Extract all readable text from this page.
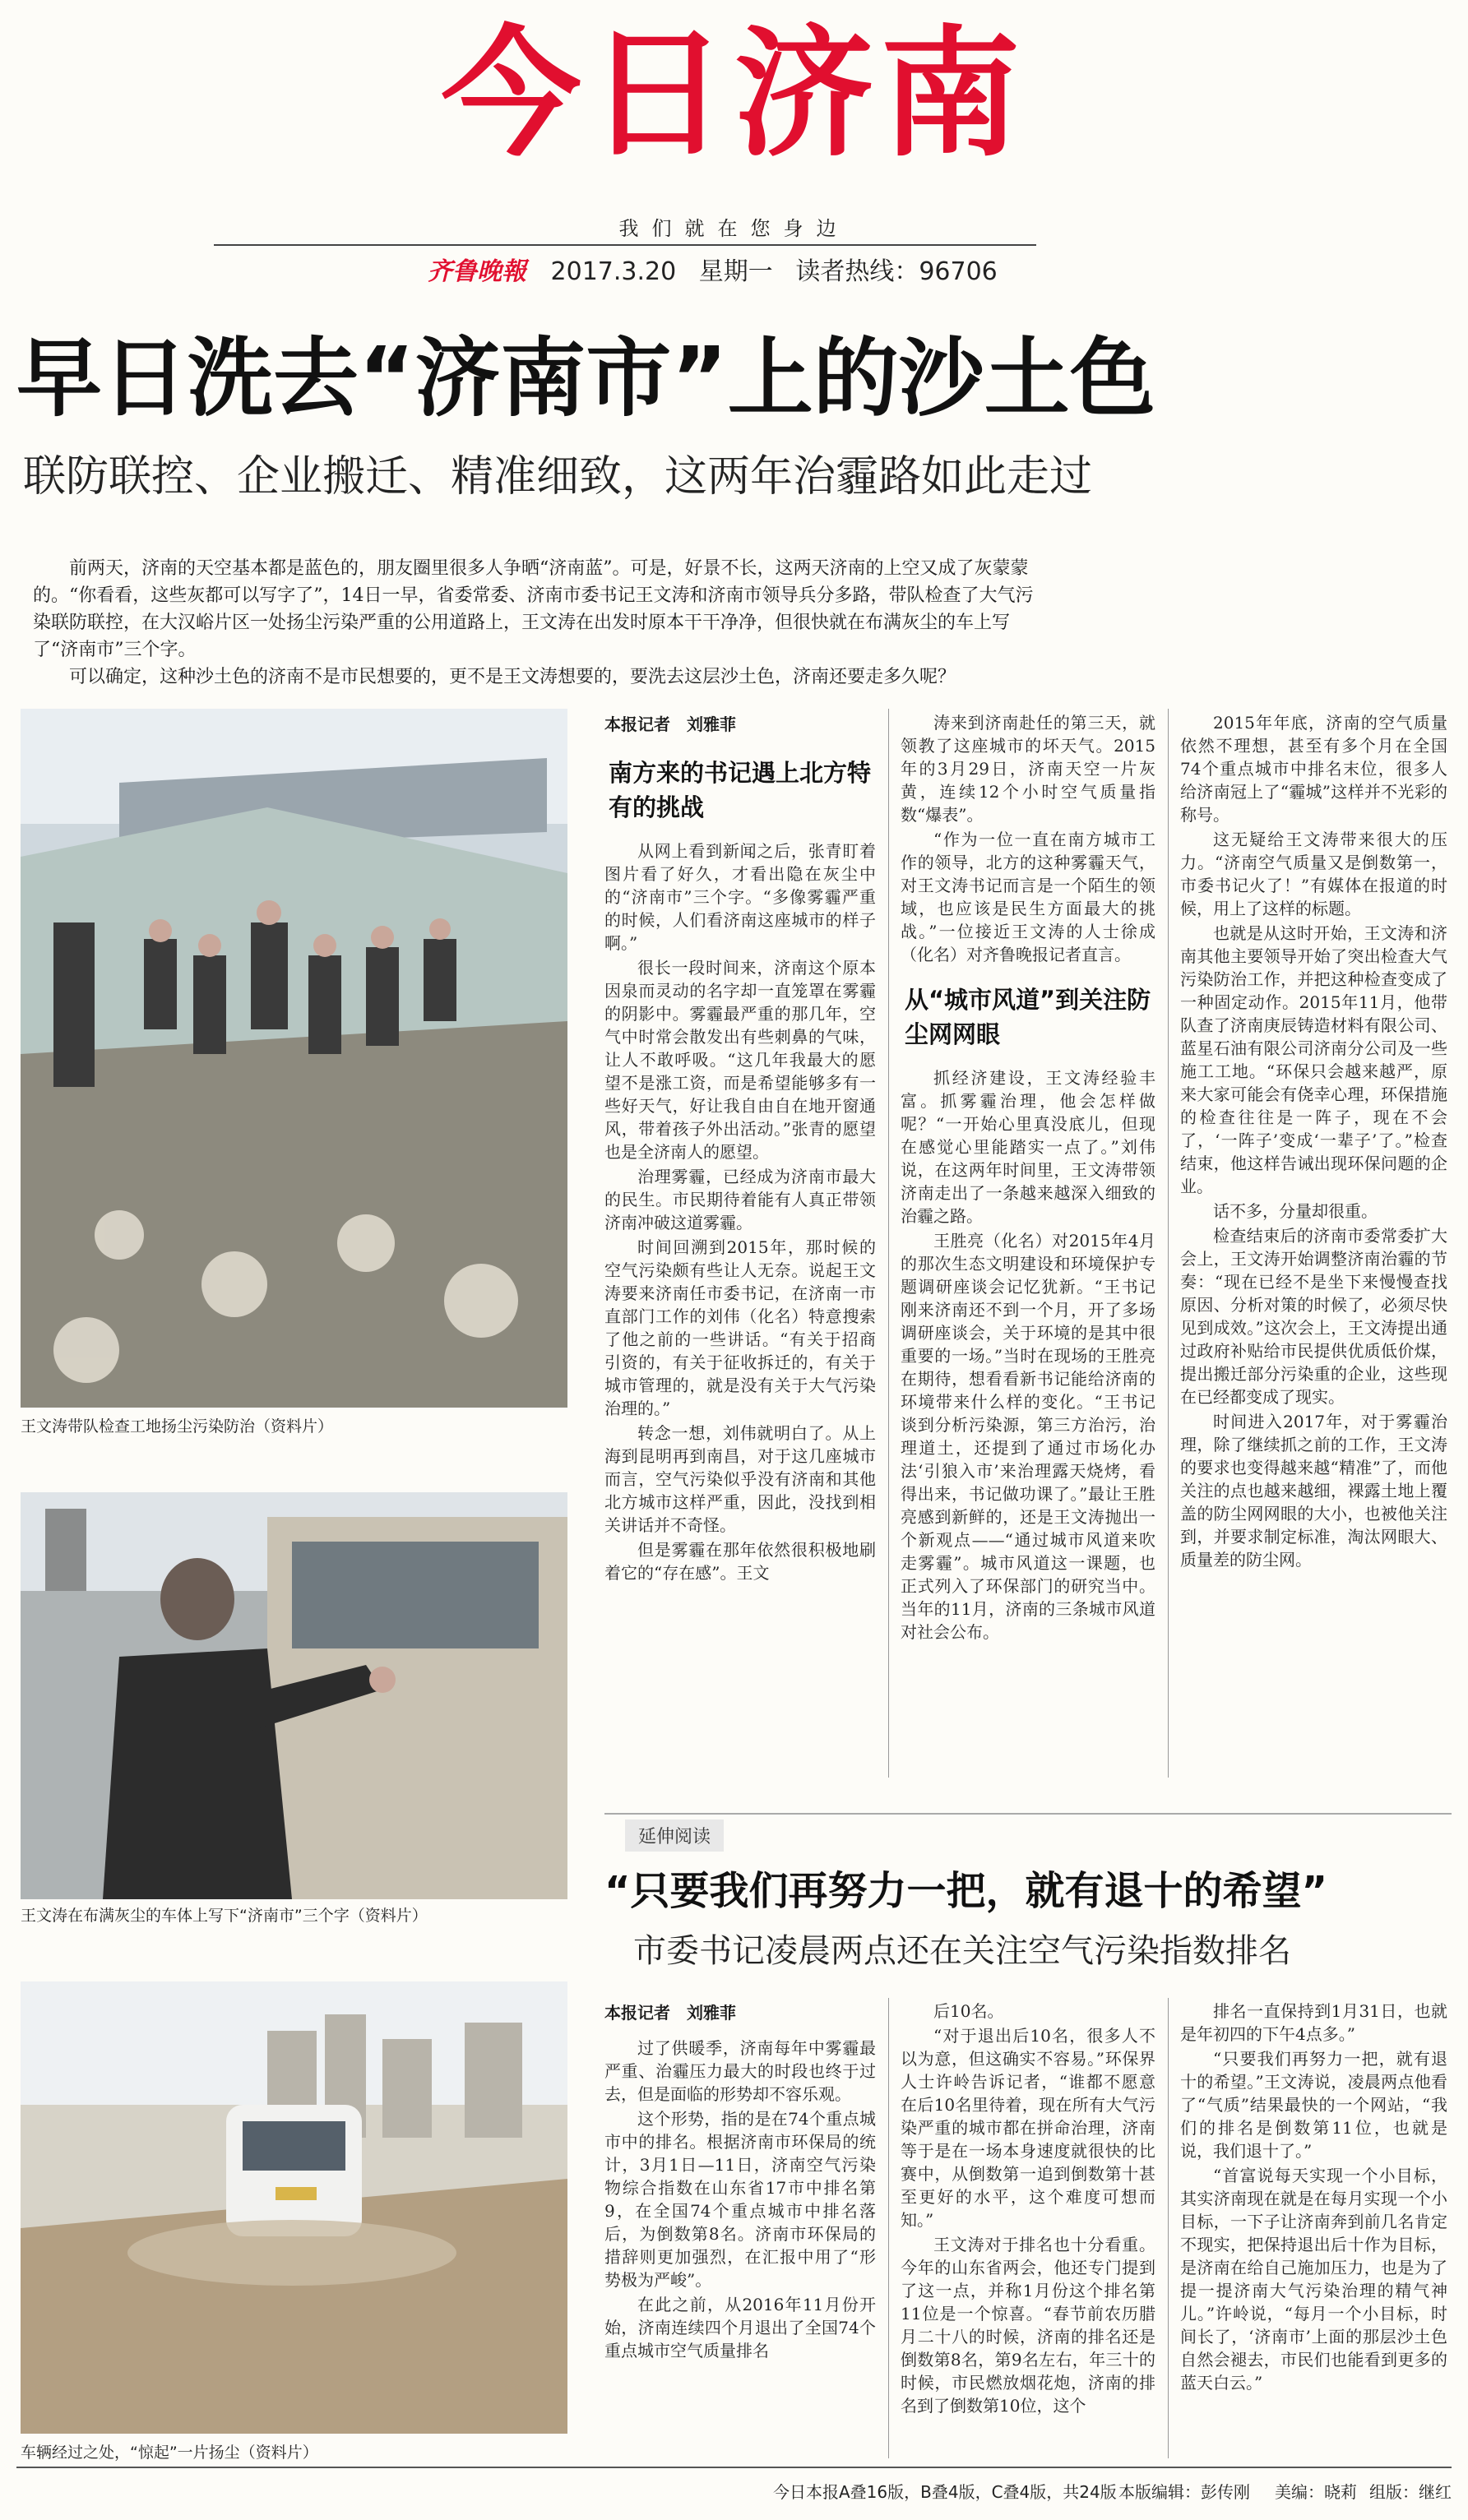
今日济南
我们就在您身边
齐鲁晚報 2017.3.20 星期一 读者热线：96706
早日洗去“济南市”上的沙土色
联防联控、企业搬迁、精准细致，这两年治霾路如此走过

前两天，济南的天空基本都是蓝色的，朋友圈里很多人争晒“济南蓝”。可是，好景不长，这两天济南的上空又成了灰蒙蒙的。“你看看，这些灰都可以写字了”，14日一早，省委常委、济南市委书记王文涛和济南市领导兵分多路，带队检查了大气污染联防联控，在大汉峪片区一处扬尘污染严重的公用道路上，王文涛在出发时原本干干净净，但很快就在布满灰尘的车上写了“济南市”三个字。

可以确定，这种沙土色的济南不是市民想要的，更不是王文涛想要的，要洗去这层沙土色，济南还要走多久呢？

王文涛带队检查工地扬尘污染防治（资料片）
王文涛在布满灰尘的车体上写下“济南市”三个字（资料片）
车辆经过之处，“惊起”一片扬尘（资料片）
本报记者　刘雅菲
南方来的书记遇上北方特有的挑战

从网上看到新闻之后，张青盯着图片看了好久，才看出隐在灰尘中的“济南市”三个字。“多像雾霾严重的时候，人们看济南这座城市的样子啊。”

很长一段时间来，济南这个原本因泉而灵动的名字却一直笼罩在雾霾的阴影中。雾霾最严重的那几年，空气中时常会散发出有些刺鼻的气味，让人不敢呼吸。“这几年我最大的愿望不是涨工资，而是希望能够多有一些好天气，好让我自由自在地开窗通风，带着孩子外出活动。”张青的愿望也是全济南人的愿望。

治理雾霾，已经成为济南市最大的民生。市民期待着能有人真正带领济南冲破这道雾霾。

时间回溯到2015年，那时候的空气污染颇有些让人无奈。说起王文涛要来济南任市委书记，在济南一市直部门工作的刘伟（化名）特意搜索了他之前的一些讲话。“有关于招商引资的，有关于征收拆迁的，有关于城市管理的，就是没有关于大气污染治理的。”

转念一想，刘伟就明白了。从上海到昆明再到南昌，对于这几座城市而言，空气污染似乎没有济南和其他北方城市这样严重，因此，没找到相关讲话并不奇怪。

但是雾霾在那年依然很积极地刷着它的“存在感”。王文

涛来到济南赴任的第三天，就领教了这座城市的坏天气。2015年的3月29日，济南天空一片灰黄，连续12个小时空气质量指数“爆表”。

“作为一位一直在南方城市工作的领导，北方的这种雾霾天气，对王文涛书记而言是一个陌生的领域，也应该是民生方面最大的挑战。”一位接近王文涛的人士徐成（化名）对齐鲁晚报记者直言。

从“城市风道”到关注防尘网网眼

抓经济建设，王文涛经验丰富。抓雾霾治理，他会怎样做呢？“一开始心里真没底儿，但现在感觉心里能踏实一点了。”刘伟说，在这两年时间里，王文涛带领济南走出了一条越来越深入细致的治霾之路。

王胜亮（化名）对2015年4月的那次生态文明建设和环境保护专题调研座谈会记忆犹新。“王书记刚来济南还不到一个月，开了多场调研座谈会，关于环境的是其中很重要的一场。”当时在现场的王胜亮在期待，想看看新书记能给济南的环境带来什么样的变化。“王书记谈到分析污染源，第三方治污，治理道土，还提到了通过市场化办法‘引狼入市’来治理露天烧烤，看得出来，书记做功课了。”最让王胜亮感到新鲜的，还是王文涛抛出一个新观点——“通过城市风道来吹走雾霾”。城市风道这一课题，也正式列入了环保部门的研究当中。当年的11月，济南的三条城市风道对社会公布。

2015年年底，济南的空气质量依然不理想，甚至有多个月在全国74个重点城市中排名末位，很多人给济南冠上了“霾城”这样并不光彩的称号。

这无疑给王文涛带来很大的压力。“济南空气质量又是倒数第一，市委书记火了！”有媒体在报道的时候，用上了这样的标题。

也就是从这时开始，王文涛和济南其他主要领导开始了突出检查大气污染防治工作，并把这种检查变成了一种固定动作。2015年11月，他带队查了济南庚辰铸造材料有限公司、蓝星石油有限公司济南分公司及一些施工工地。“环保只会越来越严，原来大家可能会有侥幸心理，环保措施的检查往往是一阵子，现在不会了，‘一阵子’变成‘一辈子’了。”检查结束，他这样告诫出现环保问题的企业。

话不多，分量却很重。

检查结束后的济南市委常委扩大会上，王文涛开始调整济南治霾的节奏：“现在已经不是坐下来慢慢查找原因、分析对策的时候了，必须尽快见到成效。”这次会上，王文涛提出通过政府补贴给市民提供优质低价煤，提出搬迁部分污染重的企业，这些现在已经都变成了现实。

时间进入2017年，对于雾霾治理，除了继续抓之前的工作，王文涛的要求也变得越来越“精准”了，而他关注的点也越来越细，裸露土地上覆盖的防尘网网眼的大小，也被他关注到，并要求制定标准，淘汰网眼大、质量差的防尘网。

延伸阅读
“只要我们再努力一把，就有退十的希望”
市委书记凌晨两点还在关注空气污染指数排名
本报记者　刘雅菲

过了供暖季，济南每年中雾霾最严重、治霾压力最大的时段也终于过去，但是面临的形势却不容乐观。

这个形势，指的是在74个重点城市中的排名。根据济南市环保局的统计，3月1日—11日，济南空气污染物综合指数在山东省17市中排名第9，在全国74个重点城市中排名落后，为倒数第8名。济南市环保局的措辞则更加强烈，在汇报中用了“形势极为严峻”。

在此之前，从2016年11月份开始，济南连续四个月退出了全国74个重点城市空气质量排名

后10名。

“对于退出后10名，很多人不以为意，但这确实不容易。”环保界人士许岭告诉记者，“谁都不愿意在后10名里待着，现在所有大气污染严重的城市都在拼命治理，济南等于是在一场本身速度就很快的比赛中，从倒数第一追到倒数第十甚至更好的水平，这个难度可想而知。”

王文涛对于排名也十分看重。今年的山东省两会，他还专门提到了这一点，并称1月份这个排名第11位是一个惊喜。“春节前农历腊月二十八的时候，济南的排名还是倒数第8名，第9名左右，年三十的时候，市民燃放烟花炮，济南的排名到了倒数第10位，这个

排名一直保持到1月31日，也就是年初四的下午4点多。”

“只要我们再努力一把，就有退十的希望。”王文涛说，凌晨两点他看了“气质”结果最快的一个网站，“我们的排名是倒数第11位，也就是说，我们退十了。”

“首富说每天实现一个小目标，其实济南现在就是在每月实现一个小目标，一下子让济南奔到前几名肯定不现实，把保持退出后十作为目标，是济南在给自己施加压力，也是为了提一提济南大气污染治理的精气神儿。”许岭说，“每月一个小目标，时间长了，‘济南市’上面的那层沙土色自然会褪去，市民们也能看到更多的蓝天白云。”

今日本报A叠16版，B叠4版，C叠4版，共24版 本版编辑：彭传刚 美编：晓莉 组版：继红
